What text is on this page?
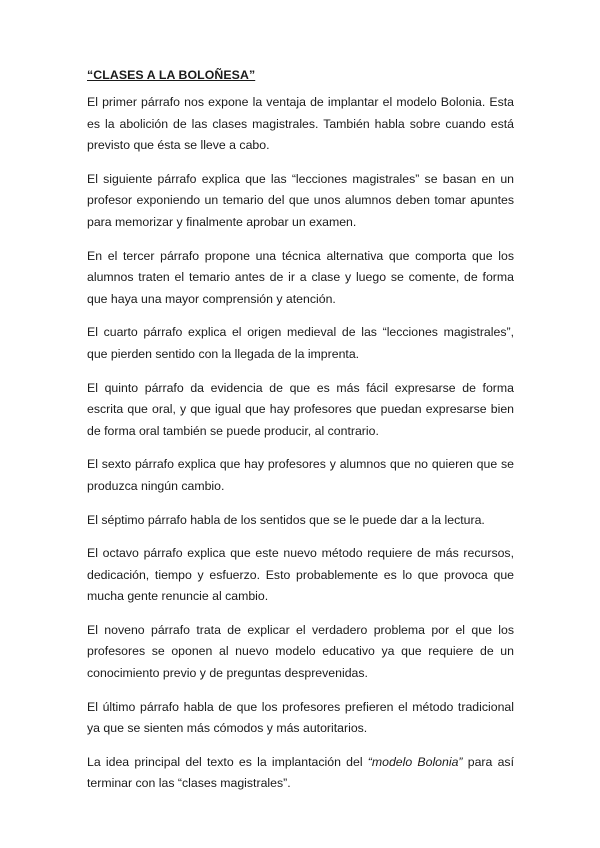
“CLASES A LA BOLOÑESA”

El primer párrafo nos expone la ventaja de implantar el modelo Bolonia. Esta es la abolición de las clases magistrales. También habla sobre cuando está previsto que ésta se lleve a cabo.

El siguiente párrafo explica que las “lecciones magistrales” se basan en un profesor exponiendo un temario del que unos alumnos deben tomar apuntes para memorizar y finalmente aprobar un examen.

En el tercer párrafo propone una técnica alternativa que comporta que los alumnos traten el temario antes de ir a clase y luego se comente, de forma que haya una mayor comprensión y atención.

El cuarto párrafo explica el origen medieval de las “lecciones magistrales”, que pierden sentido con la llegada de la imprenta.

El quinto párrafo da evidencia de que es más fácil expresarse de forma escrita que oral, y que igual que hay profesores que puedan expresarse bien de forma oral también se puede producir, al contrario.

El sexto párrafo explica que hay profesores y alumnos que no quieren que se produzca ningún cambio.

El séptimo párrafo habla de los sentidos que se le puede dar a la lectura.

El octavo párrafo explica que este nuevo método requiere de más recursos, dedicación, tiempo y esfuerzo. Esto probablemente es lo que provoca que mucha gente renuncie al cambio.

El noveno párrafo trata de explicar el verdadero problema por el que los profesores se oponen al nuevo modelo educativo ya que requiere de un conocimiento previo y de preguntas desprevenidas.

El último párrafo habla de que los profesores prefieren el método tradicional ya que se sienten más cómodos y más autoritarios.

La idea principal del texto es la implantación del “modelo Bolonia” para así terminar con las “clases magistrales”.
